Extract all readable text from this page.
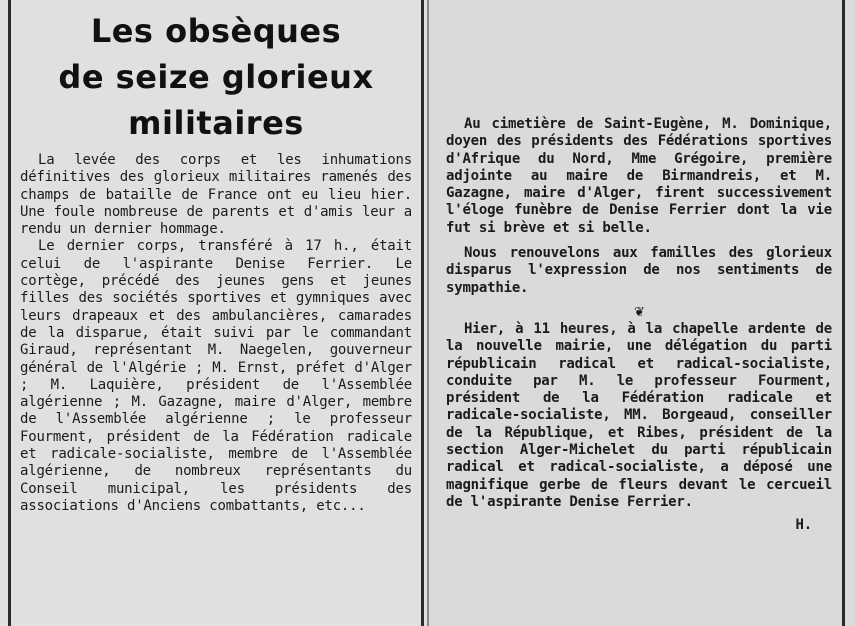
Les obsèques
de seize glorieux
militaires

La levée des corps et les inhumations définitives des glorieux militaires ramenés des champs de bataille de France ont eu lieu hier. Une foule nombreuse de parents et d'amis leur a rendu un dernier hommage.

Le dernier corps, transféré à 17 h., était celui de l'aspirante Denise Ferrier. Le cortège, précédé des jeunes gens et jeunes filles des sociétés sportives et gymniques avec leurs drapeaux et des ambulancières, camarades de la disparue, était suivi par le commandant Giraud, représentant M. Naegelen, gouverneur général de l'Algérie ; M. Ernst, préfet d'Alger ; M. Laquière, président de l'Assemblée algérienne ; M. Gazagne, maire d'Alger, membre de l'Assemblée algérienne ; le professeur Fourment, président de la Fédération radicale et radicale-socialiste, membre de l'Assemblée algérienne, de nombreux représentants du Conseil municipal, les présidents des associations d'Anciens combattants, etc...

Au cimetière de Saint-Eugène, M. Dominique, doyen des présidents des Fédérations sportives d'Afrique du Nord, Mme Grégoire, première adjointe au maire de Birmandreis, et M. Gazagne, maire d'Alger, firent successivement l'éloge funèbre de Denise Ferrier dont la vie fut si brève et si belle.

Nous renouvelons aux familles des glorieux disparus l'expression de nos sentiments de sympathie.

❦

Hier, à 11 heures, à la chapelle ardente de la nouvelle mairie, une délégation du parti républicain radical et radical-socialiste, conduite par M. le professeur Fourment, président de la Fédération radicale et radicale-socialiste, MM. Borgeaud, conseiller de la République, et Ribes, président de la section Alger-Michelet du parti républicain radical et radical-socialiste, a déposé une magnifique gerbe de fleurs devant le cercueil de l'aspirante Denise Ferrier.

H.
